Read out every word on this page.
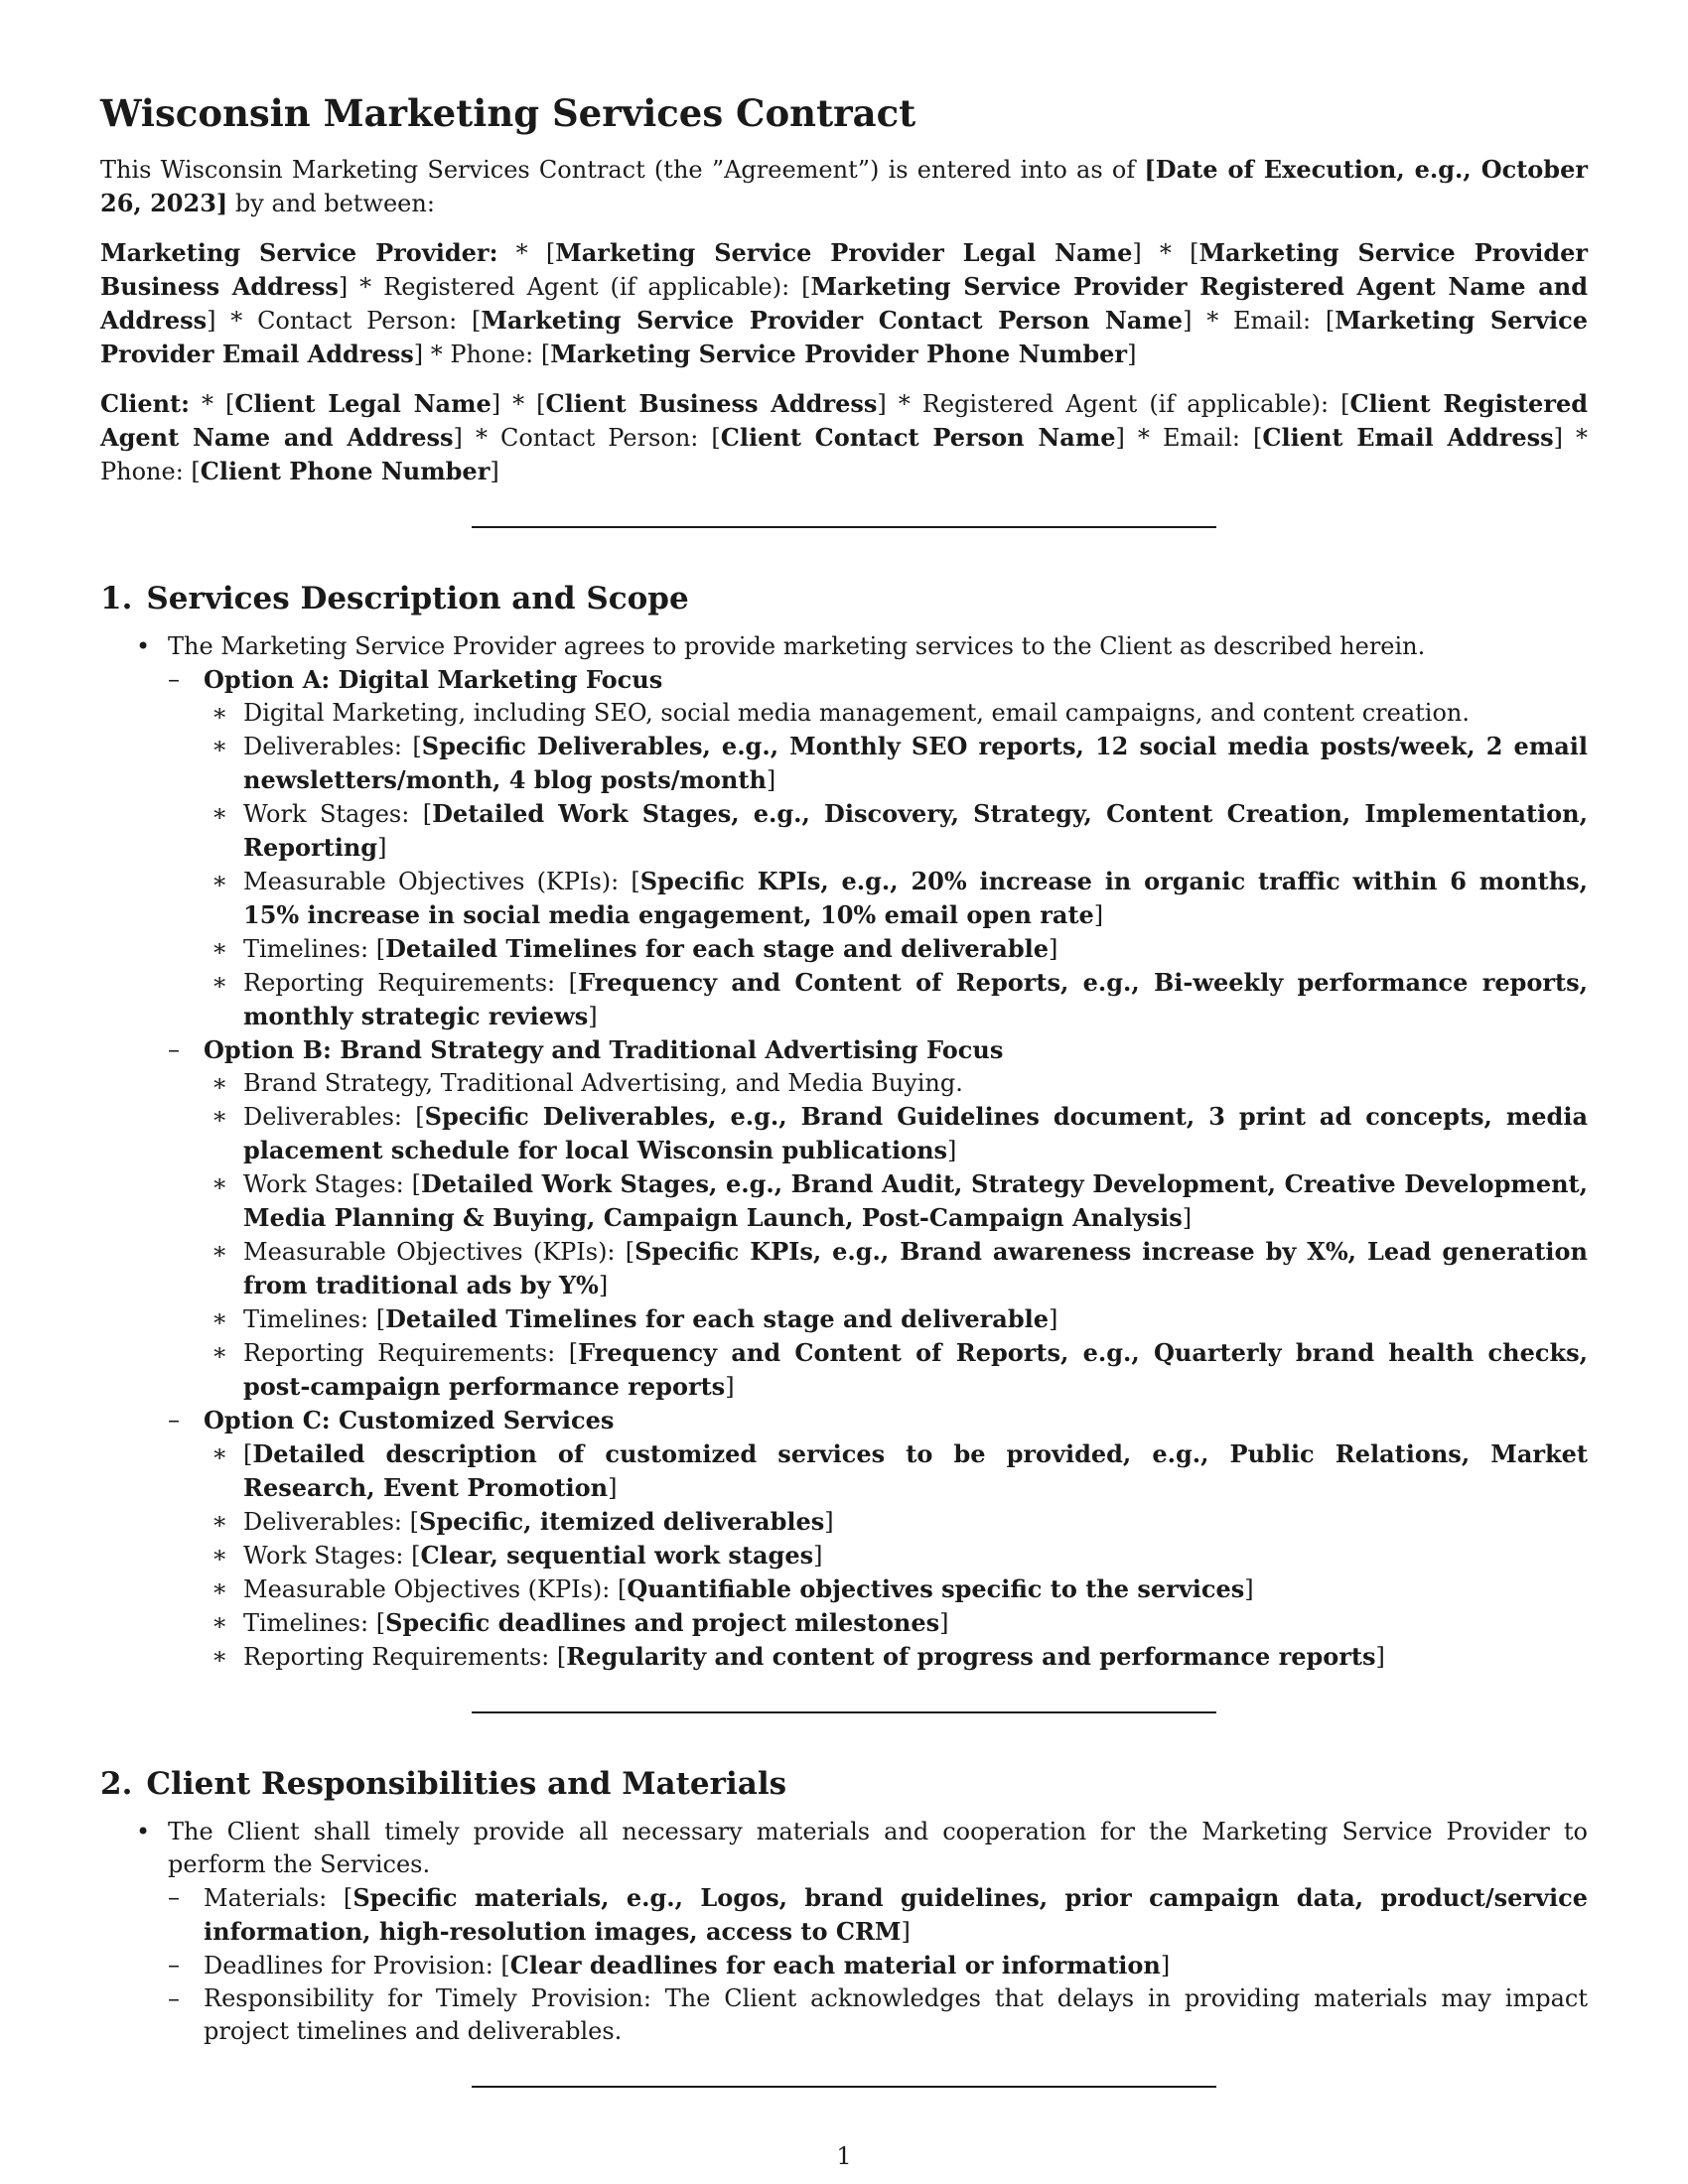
Wisconsin Marketing Services Contract

This Wisconsin Marketing Services Contract (the ”Agreement”) is entered into as of [Date of Execution, e.g., October 26, 2023] by and between:

Marketing Service Provider: * [Marketing Service Provider Legal Name] * [Marketing Service Provider Business Address] * Registered Agent (if applicable): [Marketing Service Provider Registered Agent Name and Address] * Contact Person: [Marketing Service Provider Contact Person Name] * Email: [Marketing Service Provider Email Address] * Phone: [Marketing Service Provider Phone Number]

Client: * [Client Legal Name] * [Client Business Address] * Registered Agent (if applicable): [Client Registered Agent Name and Address] * Contact Person: [Client Contact Person Name] * Email: [Client Email Address] * Phone: [Client Phone Number]

1. Services Description and Scope
• The Marketing Service Provider agrees to provide marketing services to the Client as described herein.
– Option A: Digital Marketing Focus
∗ Digital Marketing, including SEO, social media management, email campaigns, and content creation.
∗ Deliverables: [Specific Deliverables, e.g., Monthly SEO reports, 12 social media posts/week, 2 email newsletters/month, 4 blog posts/month]
∗ Work Stages: [Detailed Work Stages, e.g., Discovery, Strategy, Content Creation, Implementation, Reporting]
∗ Measurable Objectives (KPIs): [Specific KPIs, e.g., 20% increase in organic traffic within 6 months, 15% increase in social media engagement, 10% email open rate]
∗ Timelines: [Detailed Timelines for each stage and deliverable]
∗ Reporting Requirements: [Frequency and Content of Reports, e.g., Bi-weekly performance reports, monthly strategic reviews]
– Option B: Brand Strategy and Traditional Advertising Focus
∗ Brand Strategy, Traditional Advertising, and Media Buying.
∗ Deliverables: [Specific Deliverables, e.g., Brand Guidelines document, 3 print ad concepts, media placement schedule for local Wisconsin publications]
∗ Work Stages: [Detailed Work Stages, e.g., Brand Audit, Strategy Development, Creative Development, Media Planning & Buying, Campaign Launch, Post-Campaign Analysis]
∗ Measurable Objectives (KPIs): [Specific KPIs, e.g., Brand awareness increase by X%, Lead generation from traditional ads by Y%]
∗ Timelines: [Detailed Timelines for each stage and deliverable]
∗ Reporting Requirements: [Frequency and Content of Reports, e.g., Quarterly brand health checks, post-campaign performance reports]
– Option C: Customized Services
∗ [Detailed description of customized services to be provided, e.g., Public Relations, Market Research, Event Promotion]
∗ Deliverables: [Specific, itemized deliverables]
∗ Work Stages: [Clear, sequential work stages]
∗ Measurable Objectives (KPIs): [Quantifiable objectives specific to the services]
∗ Timelines: [Specific deadlines and project milestones]
∗ Reporting Requirements: [Regularity and content of progress and performance reports]
2. Client Responsibilities and Materials
• The Client shall timely provide all necessary materials and cooperation for the Marketing Service Provider to perform the Services.
– Materials: [Specific materials, e.g., Logos, brand guidelines, prior campaign data, product/service information, high-resolution images, access to CRM]
– Deadlines for Provision: [Clear deadlines for each material or information]
– Responsibility for Timely Provision: The Client acknowledges that delays in providing materials may impact project timelines and deliverables.
1
